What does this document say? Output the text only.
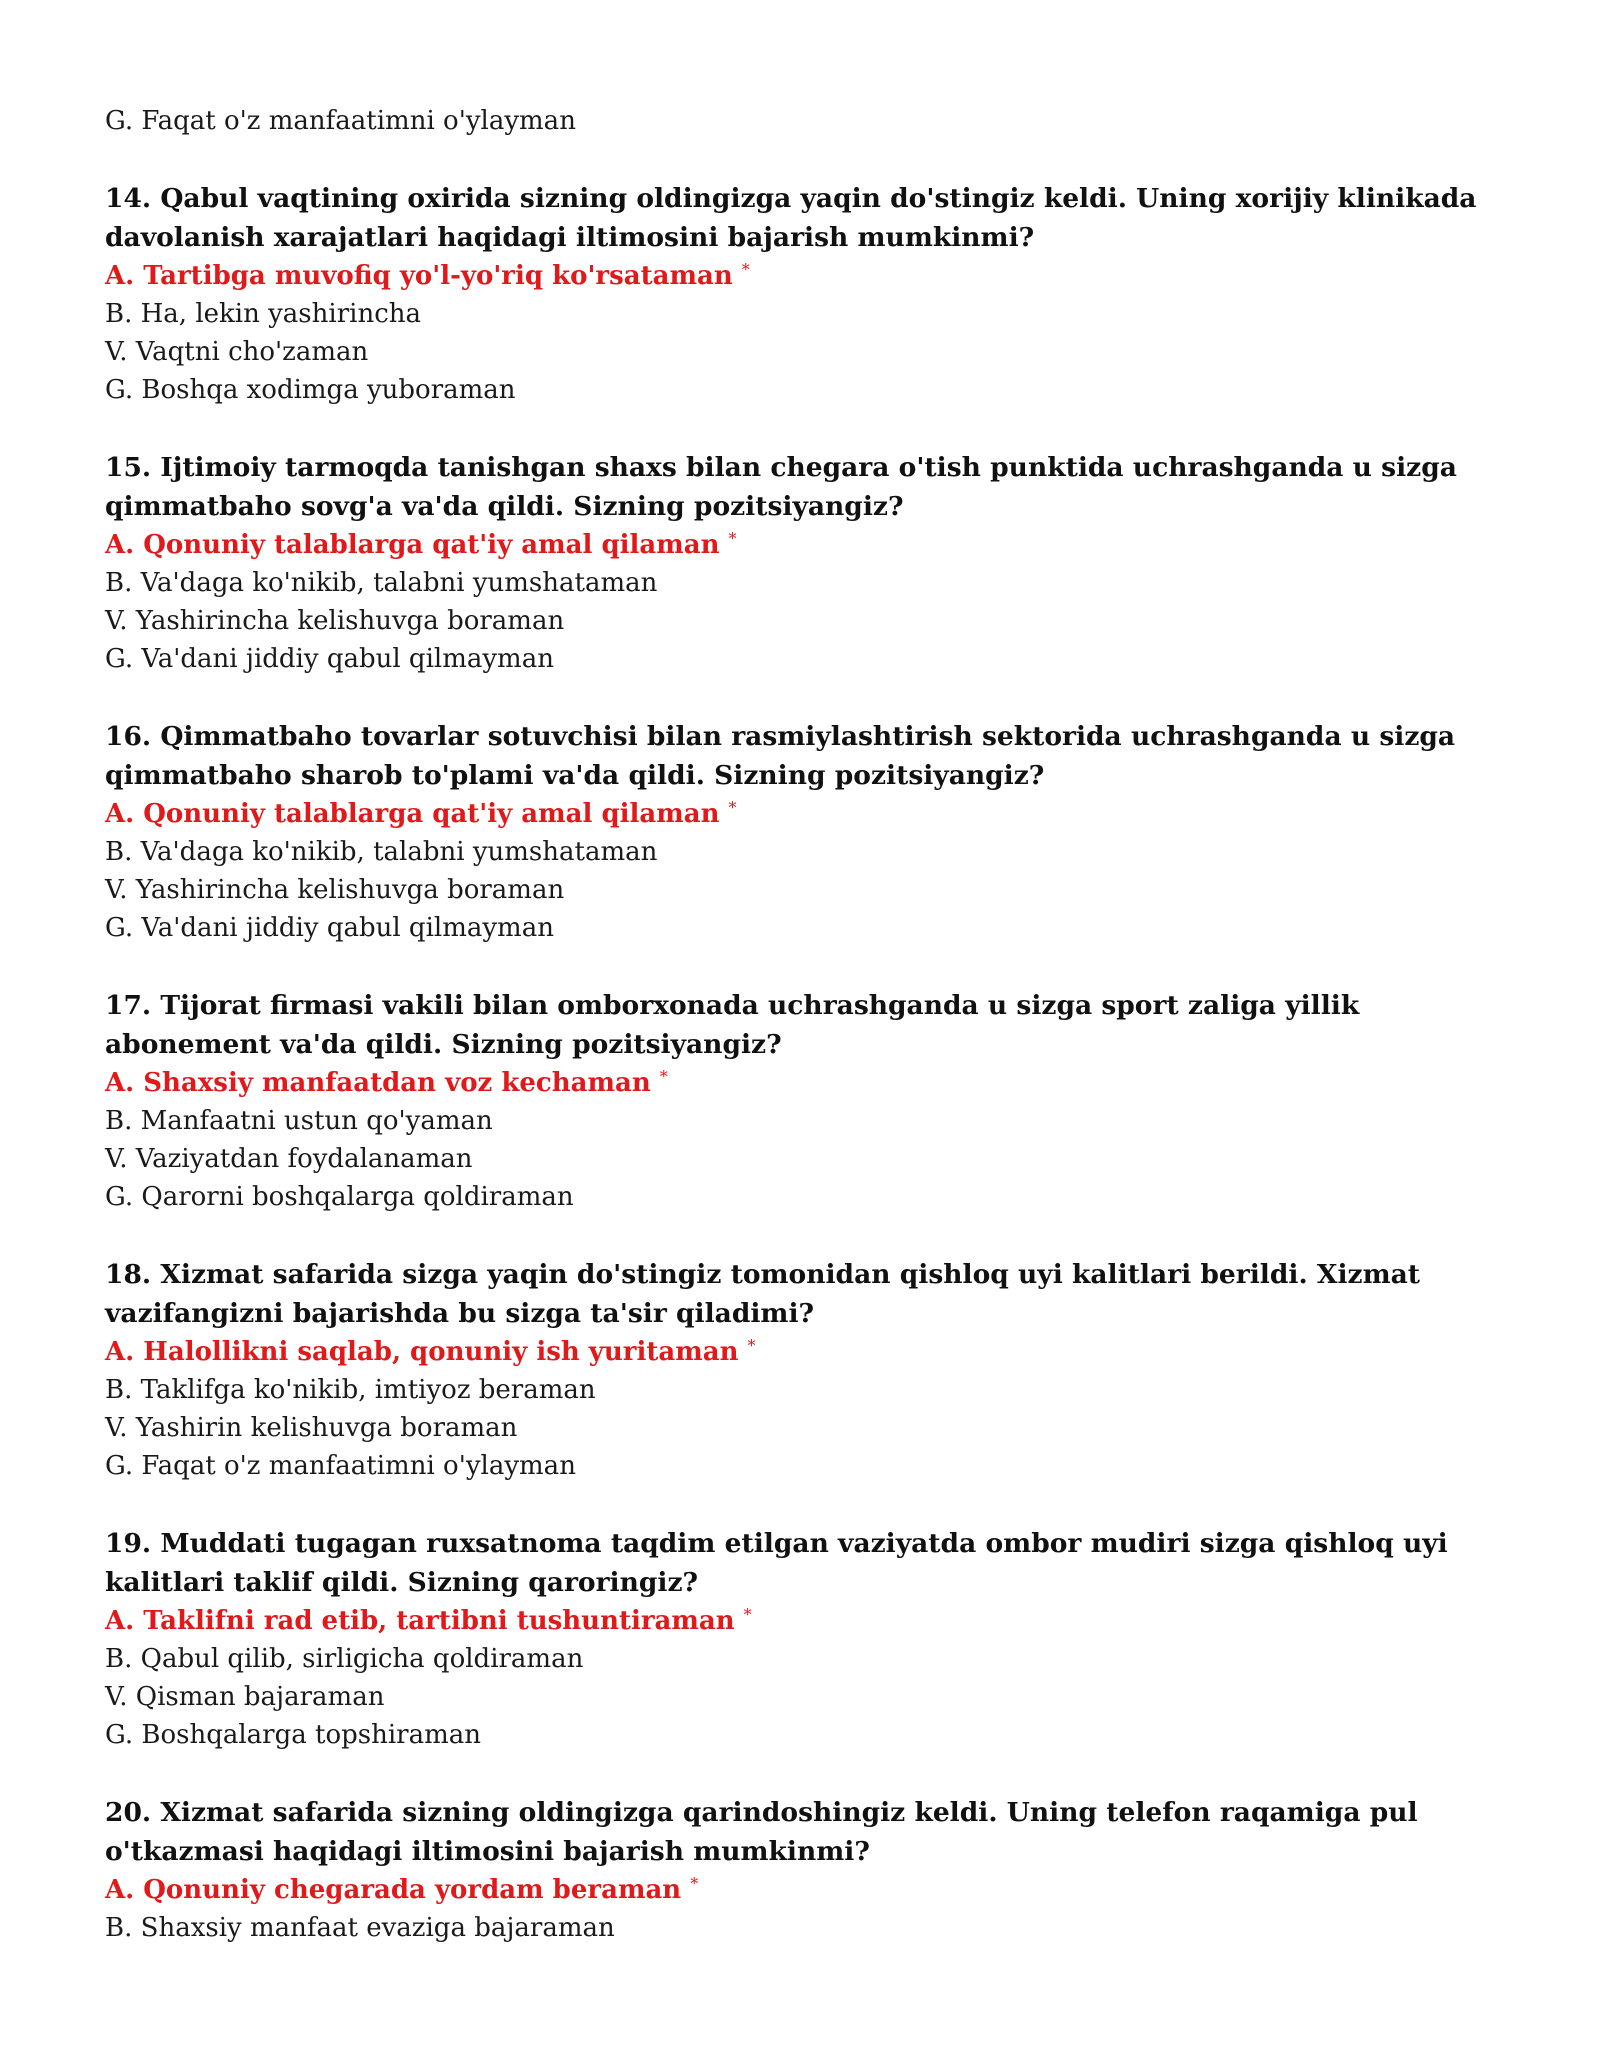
G. Faqat o'z manfaatimni o'ylayman

14. Qabul vaqtining oxirida sizning oldingizga yaqin do'stingiz keldi. Uning xorijiy klinikada davolanish xarajatlari haqidagi iltimosini bajarish mumkinmi?

A. Tartibga muvofiq yo'l-yo'riq ko'rsataman *

B. Ha, lekin yashirincha

V. Vaqtni cho'zaman

G. Boshqa xodimga yuboraman

15. Ijtimoiy tarmoqda tanishgan shaxs bilan chegara o'tish punktida uchrashganda u sizga qimmatbaho sovg'a va'da qildi. Sizning pozitsiyangiz?

A. Qonuniy talablarga qat'iy amal qilaman *

B. Va'daga ko'nikib, talabni yumshataman

V. Yashirincha kelishuvga boraman

G. Va'dani jiddiy qabul qilmayman

16. Qimmatbaho tovarlar sotuvchisi bilan rasmiylashtirish sektorida uchrashganda u sizga qimmatbaho sharob to'plami va'da qildi. Sizning pozitsiyangiz?

A. Qonuniy talablarga qat'iy amal qilaman *

B. Va'daga ko'nikib, talabni yumshataman

V. Yashirincha kelishuvga boraman

G. Va'dani jiddiy qabul qilmayman

17. Tijorat firmasi vakili bilan omborxonada uchrashganda u sizga sport zaliga yillik abonement va'da qildi. Sizning pozitsiyangiz?

A. Shaxsiy manfaatdan voz kechaman *

B. Manfaatni ustun qo'yaman

V. Vaziyatdan foydalanaman

G. Qarorni boshqalarga qoldiraman

18. Xizmat safarida sizga yaqin do'stingiz tomonidan qishloq uyi kalitlari berildi. Xizmat vazifangizni bajarishda bu sizga ta'sir qiladimi?

A. Halollikni saqlab, qonuniy ish yuritaman *

B. Taklifga ko'nikib, imtiyoz beraman

V. Yashirin kelishuvga boraman

G. Faqat o'z manfaatimni o'ylayman

19. Muddati tugagan ruxsatnoma taqdim etilgan vaziyatda ombor mudiri sizga qishloq uyi kalitlari taklif qildi. Sizning qaroringiz?

A. Taklifni rad etib, tartibni tushuntiraman *

B. Qabul qilib, sirligicha qoldiraman

V. Qisman bajaraman

G. Boshqalarga topshiraman

20. Xizmat safarida sizning oldingizga qarindoshingiz keldi. Uning telefon raqamiga pul o'tkazmasi haqidagi iltimosini bajarish mumkinmi?

A. Qonuniy chegarada yordam beraman *

B. Shaxsiy manfaat evaziga bajaraman
